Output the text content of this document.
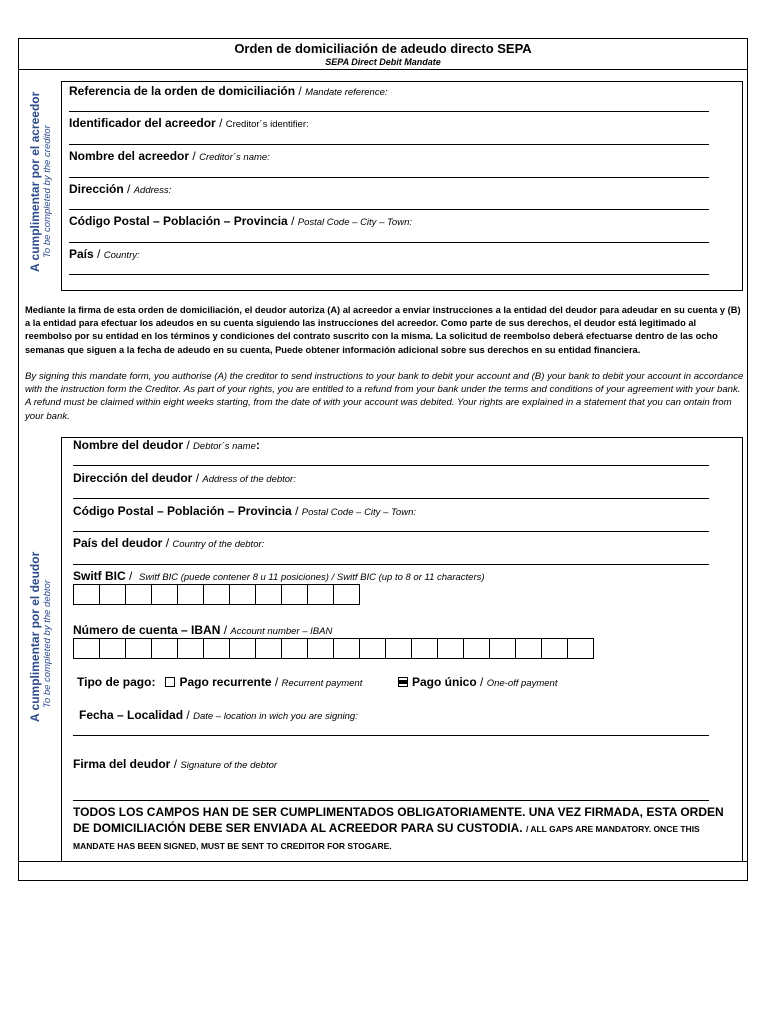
Orden de domiciliación de adeudo directo SEPA
SEPA Direct Debit Mandate
A cumplimentar por el acreedor To be completed by the creditor
Referencia de la orden de domiciliación / Mandate reference:
Identificador del acreedor / Creditor´s identifier:
Nombre del acreedor / Creditor´s name:
Dirección / Address:
Código Postal – Población – Provincia / Postal Code – City – Town:
País / Country:
Mediante la firma de esta orden de domiciliación, el deudor autoriza (A) al acreedor a enviar instrucciones a la entidad del deudor para adeudar en su cuenta y (B) a la entidad para efectuar los adeudos en su cuenta siguiendo las instrucciones del acreedor. Como parte de sus derechos, el deudor está legitimado al reembolso por su entidad en los términos y condiciones del contrato suscrito con la misma. La solicitud de reembolso deberá efectuarse dentro de las ocho semanas que siguen a la fecha de adeudo en su cuenta, Puede obtener información adicional sobre sus derechos en su entidad financiera.
By signing this mandate form, you authorise (A) the creditor to send instructions to your bank to debit your account and (B) your bank to debit your account in accordance with the instruction form the Creditor. As part of your rights, you are entitled to a refund from your bank under the terms and conditions of your agreement with your bank. A refund must be claimed within eight weeks starting, from the date of with your account was debited. Your rights are explained in a statement that you can ontain from your bank.
A cumplimentar por el deudor To be completed by the debtor
Nombre del deudor / Debtor´s name:
Dirección del deudor / Address of the debtor:
Código Postal – Población – Provincia / Postal Code – City – Town:
País del deudor / Country of the debtor:
Switf BIC / Switf BIC (puede contener 8 u 11 posiciones) / Switf BIC (up to 8 or 11 characters)
Número de cuenta – IBAN / Account number – IBAN
Tipo de pago: Pago recurrente / Recurrent payment	Pago único / One-off payment
Fecha – Localidad / Date – location in wich you are signing:
Firma del deudor / Signature of the debtor
TODOS LOS CAMPOS HAN DE SER CUMPLIMENTADOS OBLIGATORIAMENTE. UNA VEZ FIRMADA, ESTA ORDEN DE DOMICILIACIÓN DEBE SER ENVIADA AL ACREEDOR PARA SU CUSTODIA. / ALL GAPS ARE MANDATORY. ONCE THIS MANDATE HAS BEEN SIGNED, MUST BE SENT TO CREDITOR FOR STOGARE.
